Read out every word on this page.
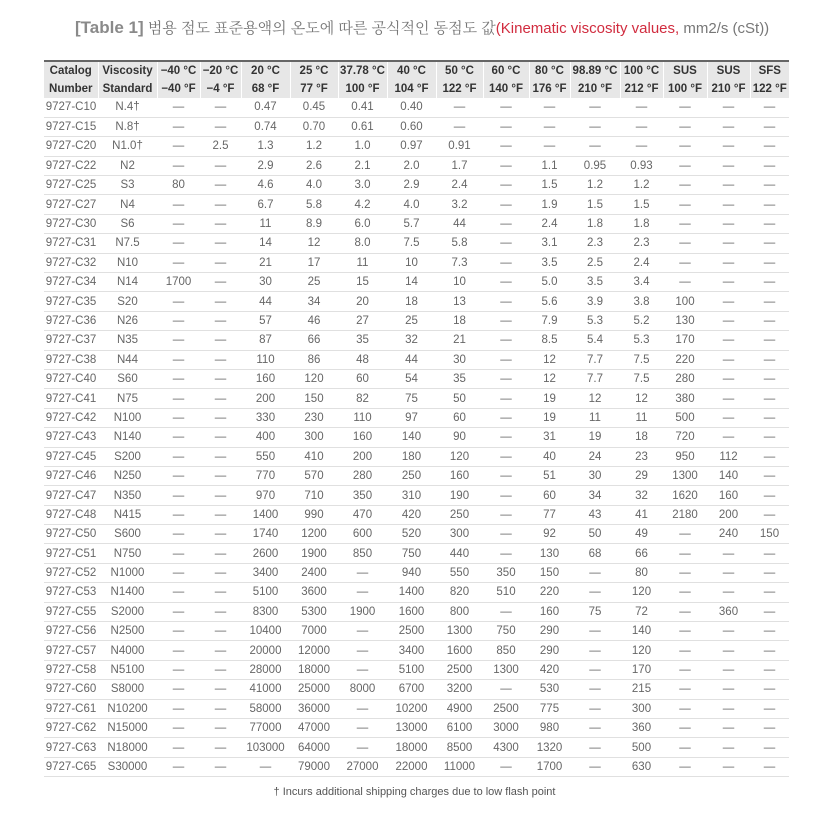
[Table 1] 범용 점도 표준용액의 온도에 따른 공식적인 동점도 값(Kinematic viscosity values, mm2/s (cSt))
Catalog	Viscosity	−40 °C	−20 °C	20 °C	25 °C	37.78 °C	40 °C	50 °C	60 °C	80 °C	98.89 °C	100 °C	SUS	SUS	SFS
Number	Standard	−40 °F	−4 °F	68 °F	77 °F	100 °F	104 °F	122 °F	140 °F	176 °F	210 °F	212 °F	100 °F	210 °F	122 °F
9727-C10	N.4†	—	—	0.47	0.45	0.41	0.40	—	—	—	—	—	—	—	—
9727-C15	N.8†	—	—	0.74	0.70	0.61	0.60	—	—	—	—	—	—	—	—
9727-C20	N1.0†	—	2.5	1.3	1.2	1.0	0.97	0.91	—	—	—	—	—	—	—
9727-C22	N2	—	—	2.9	2.6	2.1	2.0	1.7	—	1.1	0.95	0.93	—	—	—
9727-C25	S3	80	—	4.6	4.0	3.0	2.9	2.4	—	1.5	1.2	1.2	—	—	—
9727-C27	N4	—	—	6.7	5.8	4.2	4.0	3.2	—	1.9	1.5	1.5	—	—	—
9727-C30	S6	—	—	11	8.9	6.0	5.7	44	—	2.4	1.8	1.8	—	—	—
9727-C31	N7.5	—	—	14	12	8.0	7.5	5.8	—	3.1	2.3	2.3	—	—	—
9727-C32	N10	—	—	21	17	11	10	7.3	—	3.5	2.5	2.4	—	—	—
9727-C34	N14	1700	—	30	25	15	14	10	—	5.0	3.5	3.4	—	—	—
9727-C35	S20	—	—	44	34	20	18	13	—	5.6	3.9	3.8	100	—	—
9727-C36	N26	—	—	57	46	27	25	18	—	7.9	5.3	5.2	130	—	—
9727-C37	N35	—	—	87	66	35	32	21	—	8.5	5.4	5.3	170	—	—
9727-C38	N44	—	—	110	86	48	44	30	—	12	7.7	7.5	220	—	—
9727-C40	S60	—	—	160	120	60	54	35	—	12	7.7	7.5	280	—	—
9727-C41	N75	—	—	200	150	82	75	50	—	19	12	12	380	—	—
9727-C42	N100	—	—	330	230	110	97	60	—	19	11	11	500	—	—
9727-C43	N140	—	—	400	300	160	140	90	—	31	19	18	720	—	—
9727-C45	S200	—	—	550	410	200	180	120	—	40	24	23	950	112	—
9727-C46	N250	—	—	770	570	280	250	160	—	51	30	29	1300	140	—
9727-C47	N350	—	—	970	710	350	310	190	—	60	34	32	1620	160	—
9727-C48	N415	—	—	1400	990	470	420	250	—	77	43	41	2180	200	—
9727-C50	S600	—	—	1740	1200	600	520	300	—	92	50	49	—	240	150
9727-C51	N750	—	—	2600	1900	850	750	440	—	130	68	66	—	—	—
9727-C52	N1000	—	—	3400	2400	—	940	550	350	150	—	80	—	—	—
9727-C53	N1400	—	—	5100	3600	—	1400	820	510	220	—	120	—	—	—
9727-C55	S2000	—	—	8300	5300	1900	1600	800	—	160	75	72	—	360	—
9727-C56	N2500	—	—	10400	7000	—	2500	1300	750	290	—	140	—	—	—
9727-C57	N4000	—	—	20000	12000	—	3400	1600	850	290	—	120	—	—	—
9727-C58	N5100	—	—	28000	18000	—	5100	2500	1300	420	—	170	—	—	—
9727-C60	S8000	—	—	41000	25000	8000	6700	3200	—	530	—	215	—	—	—
9727-C61	N10200	—	—	58000	36000	—	10200	4900	2500	775	—	300	—	—	—
9727-C62	N15000	—	—	77000	47000	—	13000	6100	3000	980	—	360	—	—	—
9727-C63	N18000	—	—	103000	64000	—	18000	8500	4300	1320	—	500	—	—	—
9727-C65	S30000	—	—	—	79000	27000	22000	11000	—	1700	—	630	—	—	—
† Incurs additional shipping charges due to low flash point
